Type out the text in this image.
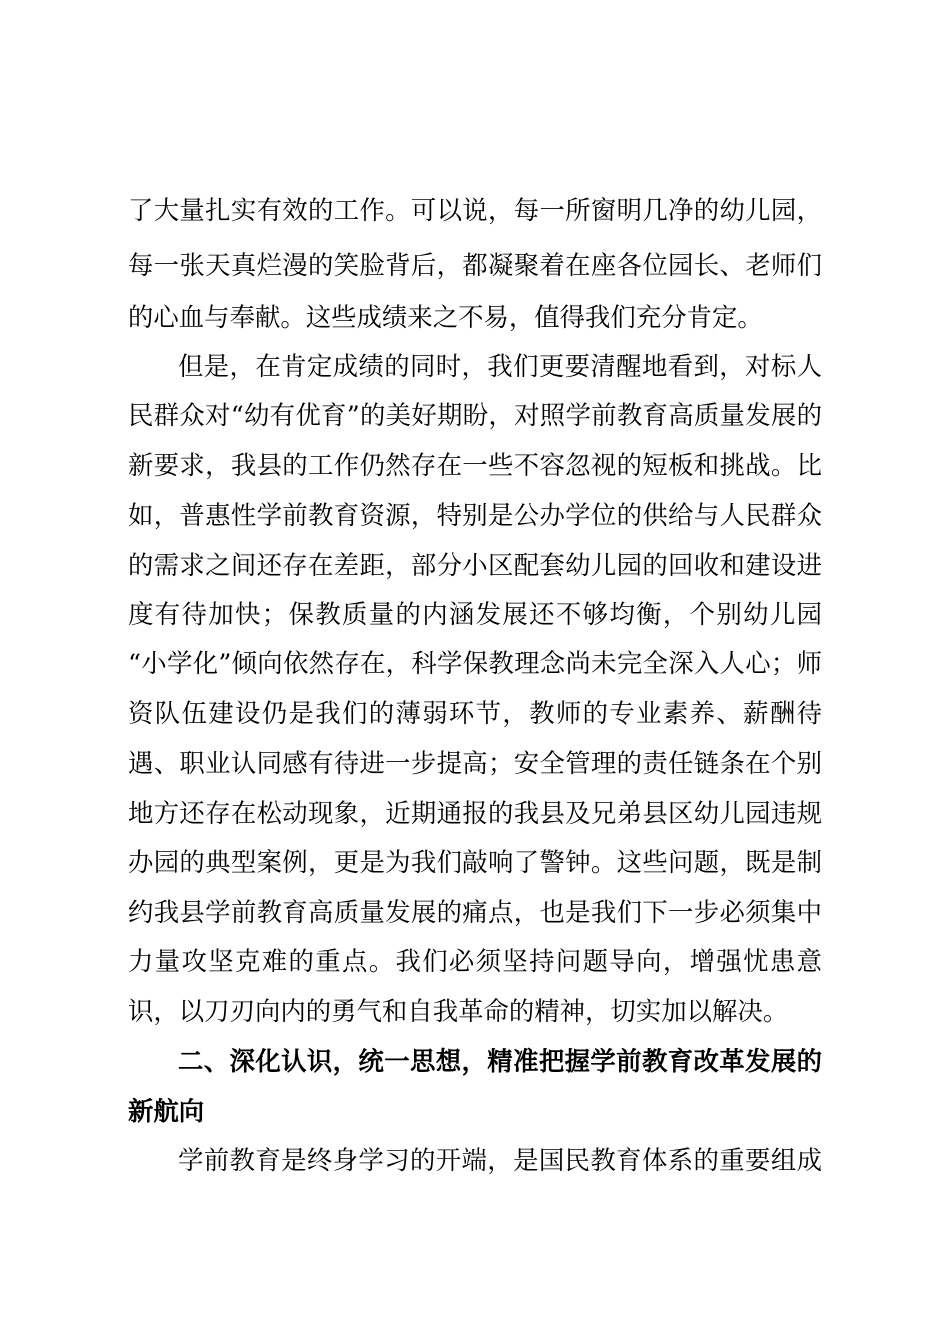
了大量扎实有效的工作。可以说，每一所窗明几净的幼儿园，
每一张天真烂漫的笑脸背后，都凝聚着在座各位园长、老师们
的心血与奉献。这些成绩来之不易，值得我们充分肯定。
但是，在肯定成绩的同时，我们更要清醒地看到，对标人
民群众对“幼有优育”的美好期盼，对照学前教育高质量发展的
新要求，我县的工作仍然存在一些不容忽视的短板和挑战。比
如，普惠性学前教育资源，特别是公办学位的供给与人民群众
的需求之间还存在差距，部分小区配套幼儿园的回收和建设进
度有待加快；保教质量的内涵发展还不够均衡，个别幼儿园
“小学化”倾向依然存在，科学保教理念尚未完全深入人心；师
资队伍建设仍是我们的薄弱环节，教师的专业素养、薪酬待
遇、职业认同感有待进一步提高；安全管理的责任链条在个别
地方还存在松动现象，近期通报的我县及兄弟县区幼儿园违规
办园的典型案例，更是为我们敲响了警钟。这些问题，既是制
约我县学前教育高质量发展的痛点，也是我们下一步必须集中
力量攻坚克难的重点。我们必须坚持问题导向，增强忧患意
识，以刀刃向内的勇气和自我革命的精神，切实加以解决。
二、深化认识，统一思想，精准把握学前教育改革发展的
新航向
学前教育是终身学习的开端，是国民教育体系的重要组成
